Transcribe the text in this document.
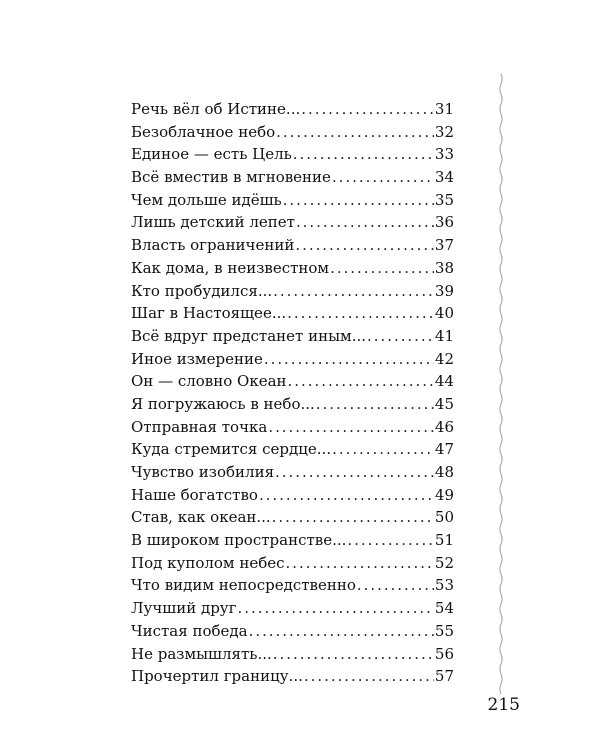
Речь вёл об Истине... . . .	31
Безоблачное небо . . .	32
Единое — есть Цель . . .	33
Всё вместив в мгновение . . .	34
Чем дольше идёшь . . .	35
Лишь детский лепет . . .	36
Власть ограничений . . .	37
Как дома, в неизвестном . . .	38
Кто пробудился... . . .	39
Шаг в Настоящее... . . .	40
Всё вдруг предстанет иным... . . .	41
Иное измерение . . .	42
Он — словно Океан . . .	44
Я погружаюсь в небо... . . .	45
Отправная точка . . .	46
Куда стремится сердце... . . .	47
Чувство изобилия . . .	48
Наше богатство . . .	49
Став, как океан... . . .	50
В широком пространстве... . . .	51
Под куполом небес . . .	52
Что видим непосредственно . . .	53
Лучший друг . . .	54
Чистая победа . . .	55
Не размышлять... . . .	56
Прочертил границу... . . .	57
215
